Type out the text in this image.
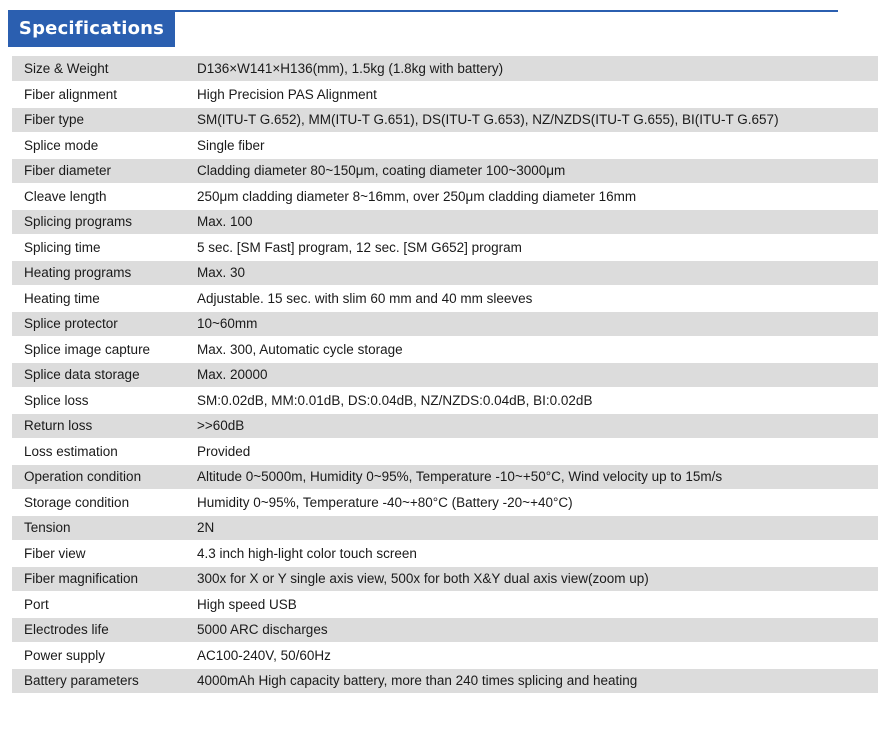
Specifications
Size & Weight	D136×W141×H136(mm), 1.5kg (1.8kg with battery)
Fiber alignment	High Precision PAS Alignment
Fiber type	SM(ITU-T G.652), MM(ITU-T G.651), DS(ITU-T G.653), NZ/NZDS(ITU-T G.655), BI(ITU-T G.657)
Splice mode	Single fiber
Fiber diameter	Cladding diameter 80~150μm, coating diameter 100~3000μm
Cleave length	250μm cladding diameter 8~16mm, over 250μm cladding diameter 16mm
Splicing programs	Max. 100
Splicing time	5 sec. [SM Fast] program, 12 sec. [SM G652] program
Heating programs	Max. 30
Heating time	Adjustable. 15 sec. with slim 60 mm and 40 mm sleeves
Splice protector	10~60mm
Splice image capture	Max. 300, Automatic cycle storage
Splice data storage	Max. 20000
Splice loss	SM:0.02dB, MM:0.01dB, DS:0.04dB, NZ/NZDS:0.04dB, BI:0.02dB
Return loss	>>60dB
Loss estimation	Provided
Operation condition	Altitude 0~5000m, Humidity 0~95%, Temperature -10~+50°C, Wind velocity up to 15m/s
Storage condition	Humidity 0~95%, Temperature -40~+80°C (Battery -20~+40°C)
Tension	2N
Fiber view	4.3 inch high-light color touch screen
Fiber magnification	300x for X or Y single axis view, 500x for both X&Y dual axis view(zoom up)
Port	High speed USB
Electrodes life	5000 ARC discharges
Power supply	AC100-240V, 50/60Hz
Battery parameters	4000mAh High capacity battery, more than 240 times splicing and heating
